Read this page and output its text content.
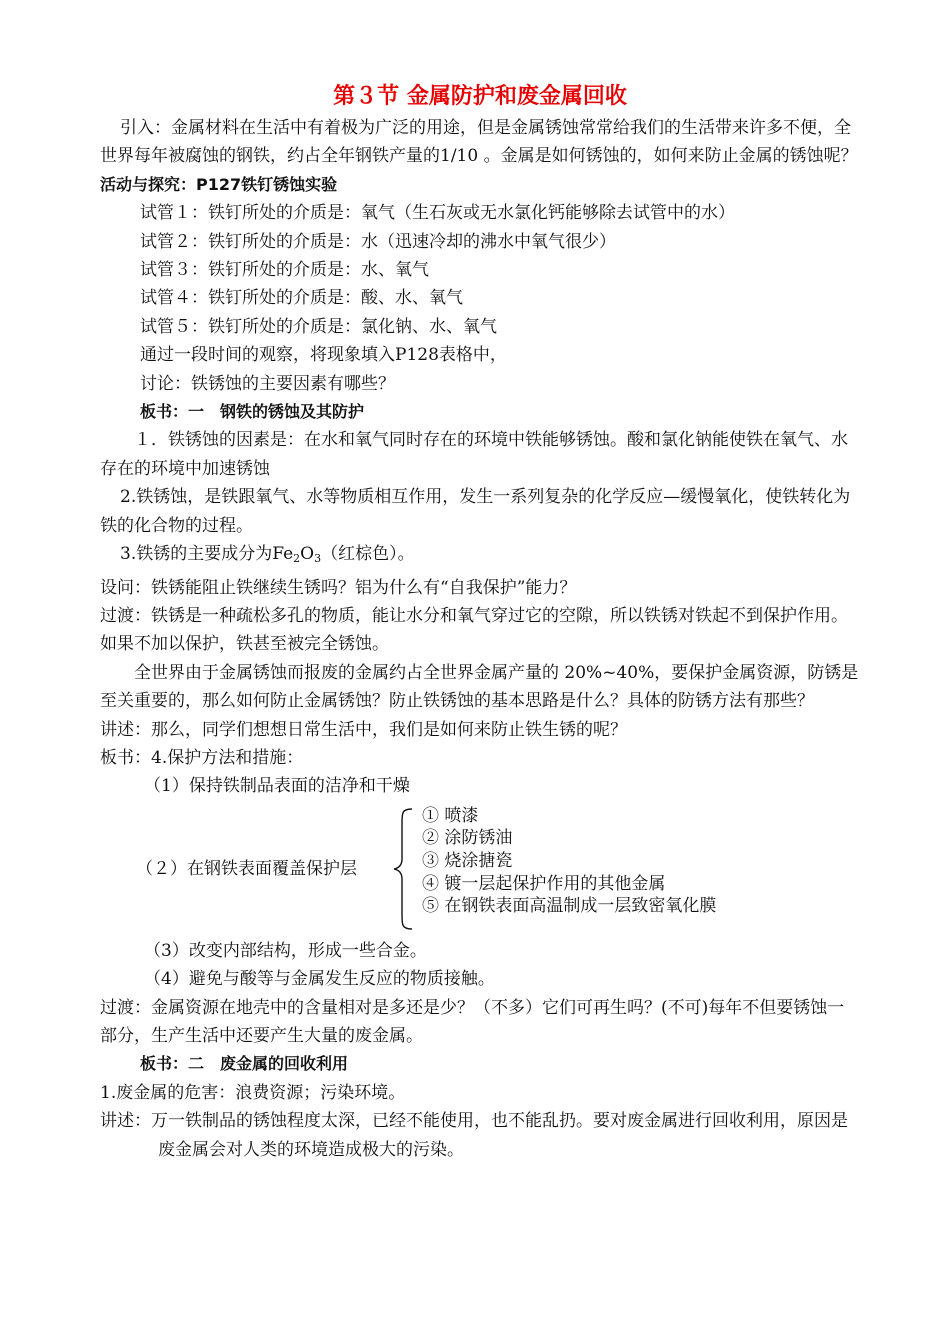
第３节 金属防护和废金属回收

引入：金属材料在生活中有着极为广泛的用途，但是金属锈蚀常常给我们的生活带来许多不便，全世界每年被腐蚀的钢铁，约占全年钢铁产量的1/10 。金属是如何锈蚀的，如何来防止金属的锈蚀呢？

活动与探究：P127铁钉锈蚀实验

试管１：铁钉所处的介质是：氧气（生石灰或无水氯化钙能够除去试管中的水）

试管２：铁钉所处的介质是：水（迅速冷却的沸水中氧气很少）

试管３：铁钉所处的介质是：水、氧气

试管４：铁钉所处的介质是：酸、水、氧气

试管５：铁钉所处的介质是：氯化钠、水、氧气

通过一段时间的观察，将现象填入P128表格中，

讨论：铁锈蚀的主要因素有哪些？

板书：一　钢铁的锈蚀及其防护

１．铁锈蚀的因素是：在水和氧气同时存在的环境中铁能够锈蚀。酸和氯化钠能使铁在氧气、水存在的环境中加速锈蚀

2.铁锈蚀，是铁跟氧气、水等物质相互作用，发生一系列复杂的化学反应—缓慢氧化，使铁转化为铁的化合物的过程。

3.铁锈的主要成分为$Fe_2O_3$（红棕色）。

设问：铁锈能阻止铁继续生锈吗？铝为什么有“自我保护”能力？

过渡：铁锈是一种疏松多孔的物质，能让水分和氧气穿过它的空隙，所以铁锈对铁起不到保护作用。如果不加以保护，铁甚至被完全锈蚀。

全世界由于金属锈蚀而报废的金属约占全世界金属产量的 20%~40%，要保护金属资源，防锈是至关重要的，那么如何防止金属锈蚀？防止铁锈蚀的基本思路是什么？具体的防锈方法有那些？

讲述：那么，同学们想想日常生活中，我们是如何来防止铁生锈的呢？

板书：4.保护方法和措施：

（1）保持铁制品表面的洁净和干燥

（２）在钢铁表面覆盖保护层
① 喷漆
② 涂防锈油
③ 烧涂搪瓷
④ 镀一层起保护作用的其他金属
⑤ 在钢铁表面高温制成一层致密氧化膜

（3）改变内部结构，形成一些合金。

（4）避免与酸等与金属发生反应的物质接触。

过渡：金属资源在地壳中的含量相对是多还是少？（不多）它们可再生吗？(不可)每年不但要锈蚀一部分，生产生活中还要产生大量的废金属。

板书：二　废金属的回收利用

1.废金属的危害：浪费资源；污染环境。

讲述：万一铁制品的锈蚀程度太深，已经不能使用，也不能乱扔。要对废金属进行回收利用，原因是废金属会对人类的环境造成极大的污染。
